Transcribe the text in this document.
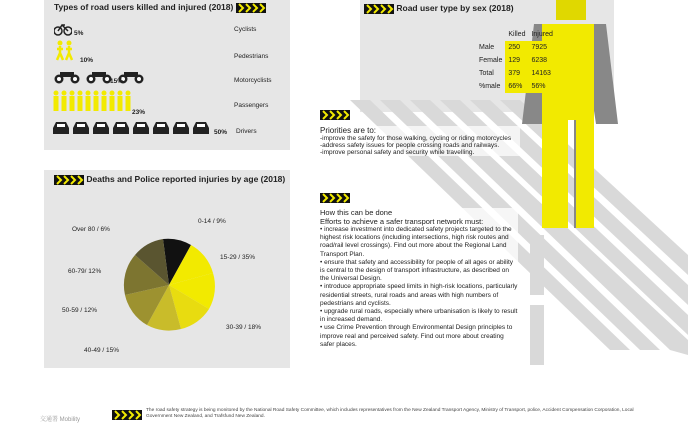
Types of road users killed and injured (2018)
5%
Cyclists
10%
Pedestrians
15%	Motorcyclists
23%
Passengers
50% Drivers
Deaths and Police reported injuries by age (2018)
Over 80 / 6%
0-14 / 9%
15-29 / 35%
30-39 / 18%
40-49 / 15%
50-59 / 12%
60-79/ 12%
Road user type by sex (2018)
	Killed	Injured
Male	250	7925
Female	129	6238
Total	379	14163
%male	66%	56%
Priorities are to:
-improve the safety for those walking, cycling or riding motorcycles
-address safety issues for people crossing roads and railways.
-improve personal safety and security while travelling.
How this can be done
Efforts to achieve a safer transport network must:
• increase investment into dedicated safety projects targeted to the highest risk locations (including intersections, high risk routes and road/rail level crossings). Find out more about the Regional Land Transport Plan.
• ensure that safety and accessibility for people of all ages or ability is central to the design of transport infrastructure, as described on the Universal Design.
• introduce appropriate speed limits in high-risk locations, particularly residential streets, rural roads and areas with high numbers of pedestrians and cyclists.
• upgrade rural roads, especially where urbanisation is likely to result in increased demand.
• use Crime Prevention through Environmental Design principles to improve real and perceived safety. Find out more about creating safer places.
交通署 Mobility
The road safety strategy is being monitored by the National Road Safety Committee, which includes representatives from the New Zealand Transport Agency, Ministry of Transport, police, Accident Compensation Corporation, Local Government New Zealand, and Trafsfund New Zealand.
